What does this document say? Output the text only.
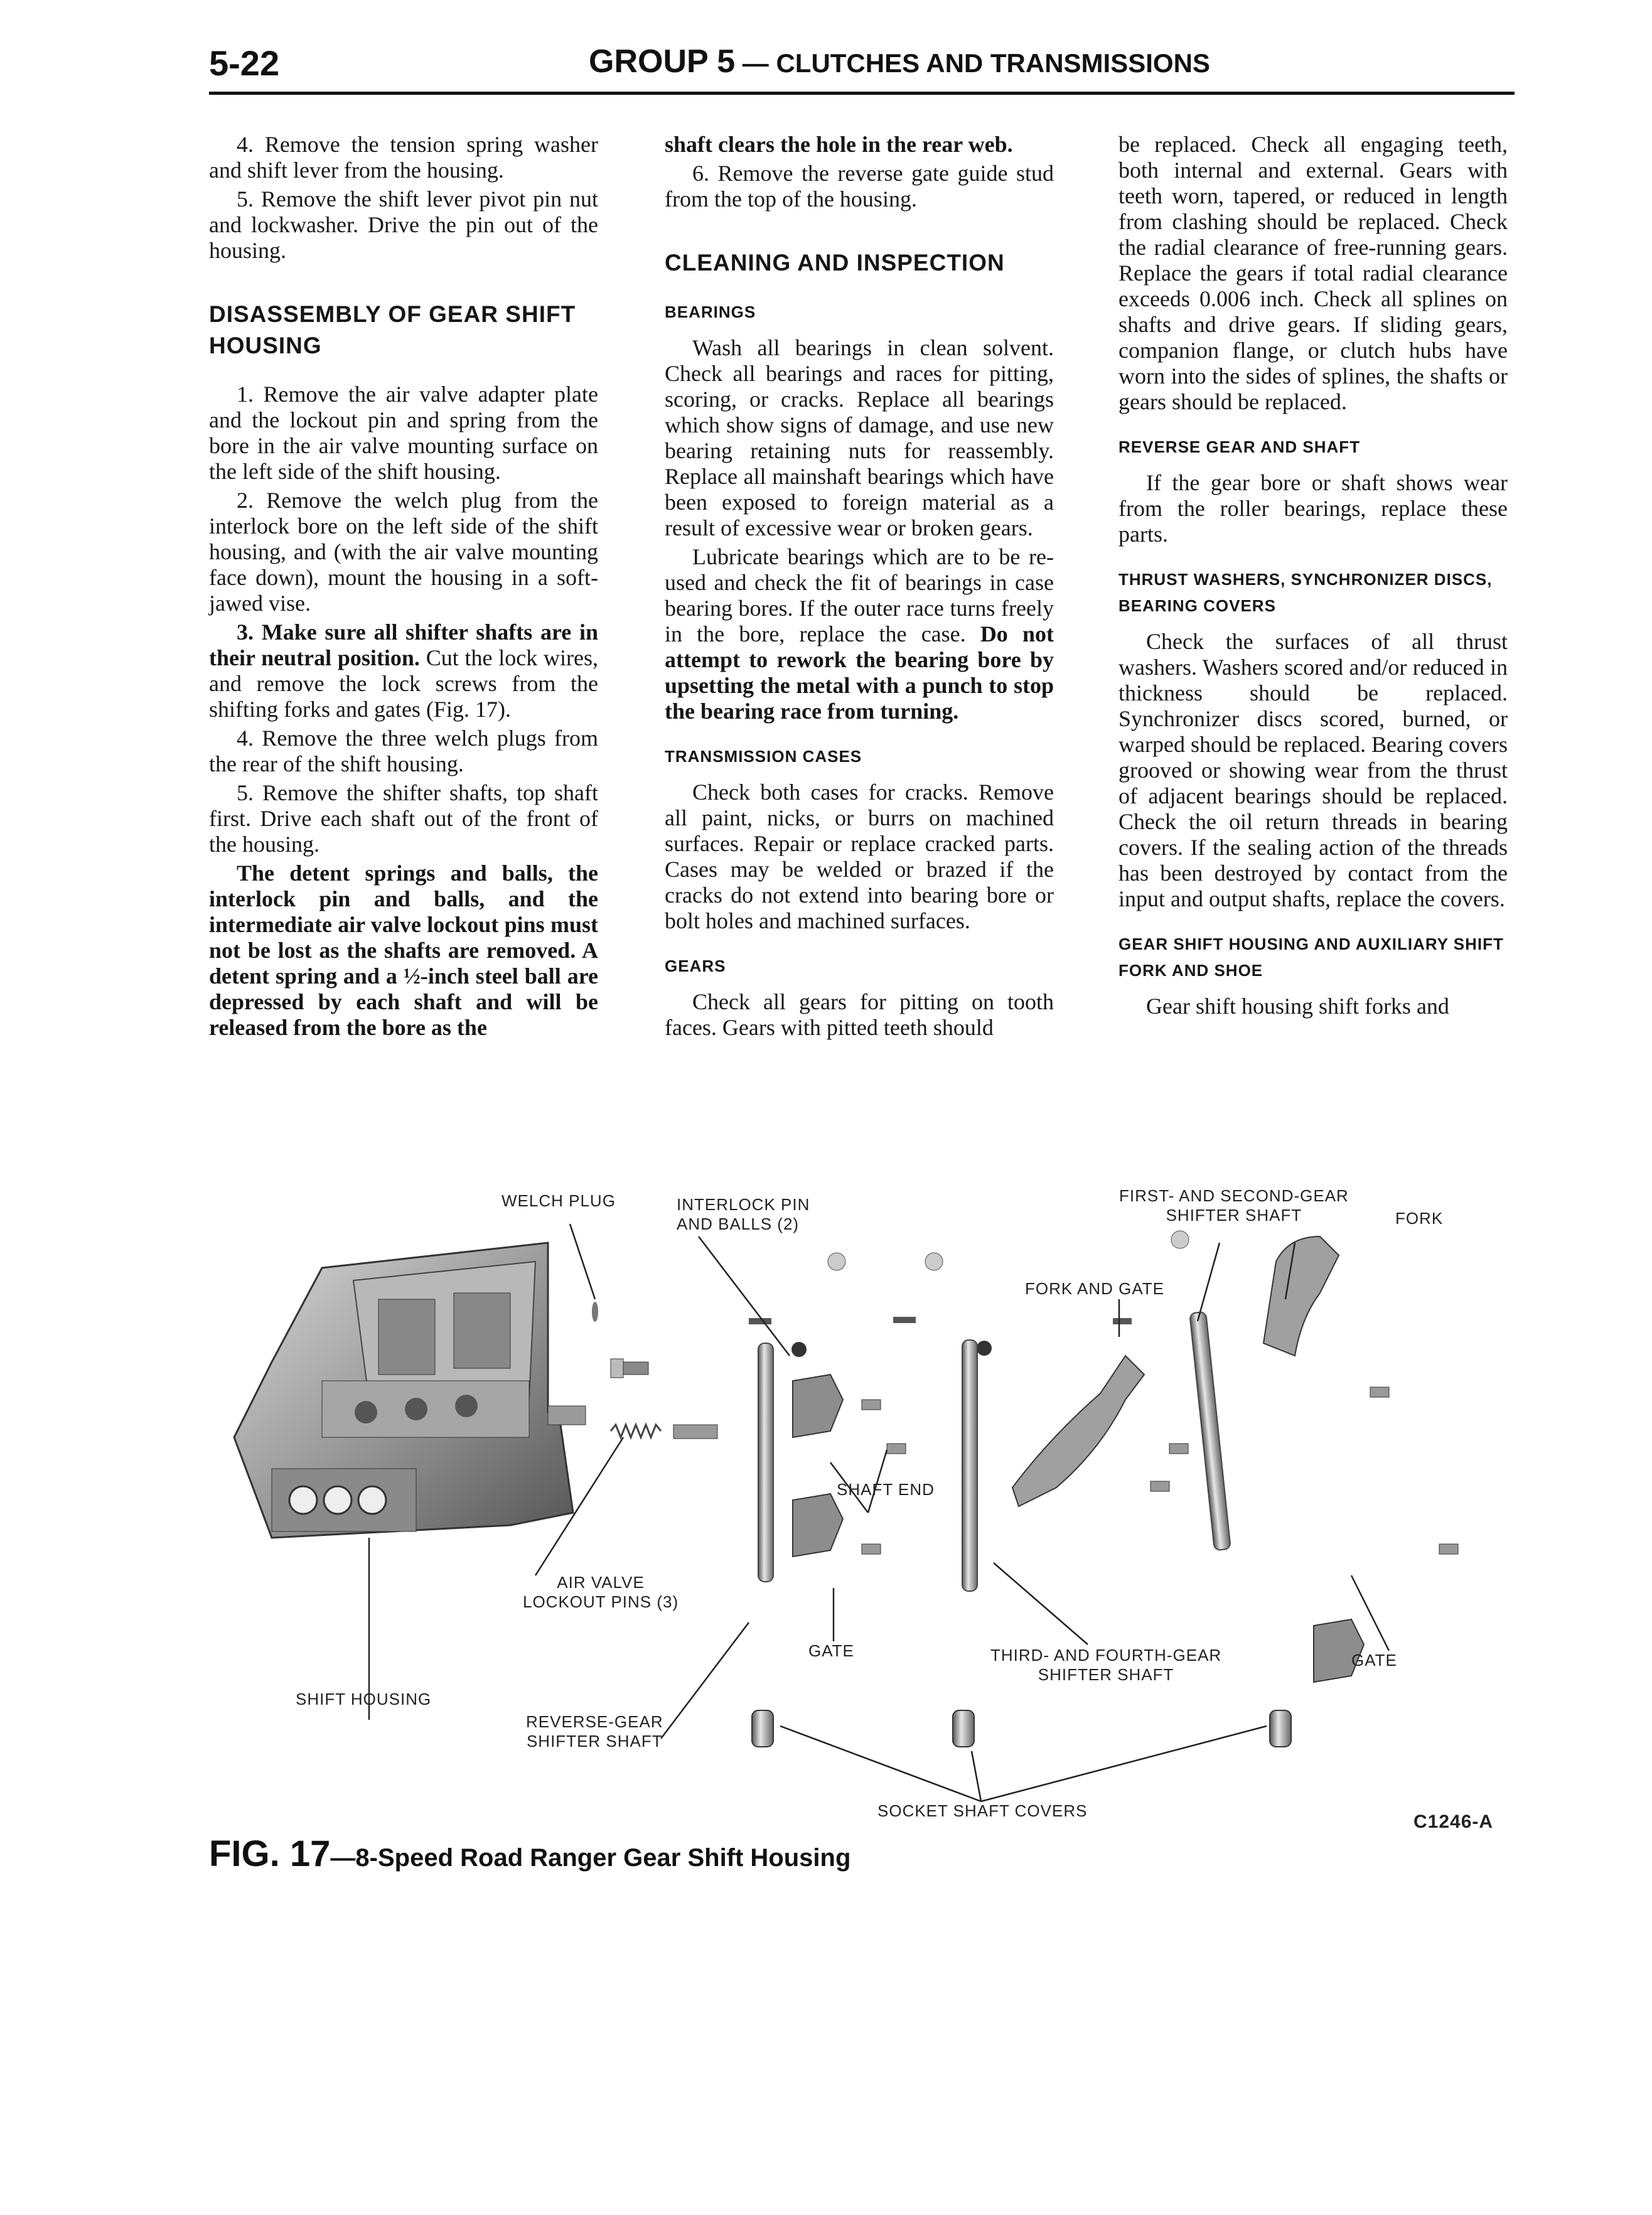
5-22	GROUP 5 — CLUTCHES AND TRANSMISSIONS

4. Remove the tension spring washer and shift lever from the housing.

5. Remove the shift lever pivot pin nut and lockwasher. Drive the pin out of the housing.

DISASSEMBLY OF GEAR SHIFT HOUSING

1. Remove the air valve adapter plate and the lockout pin and spring from the bore in the air valve mounting surface on the left side of the shift housing.

2. Remove the welch plug from the interlock bore on the left side of the shift housing, and (with the air valve mounting face down), mount the housing in a soft-jawed vise.

3. Make sure all shifter shafts are in their neutral position. Cut the lock wires, and remove the lock screws from the shifting forks and gates (Fig. 17).

4. Remove the three welch plugs from the rear of the shift housing.

5. Remove the shifter shafts, top shaft first. Drive each shaft out of the front of the housing.

The detent springs and balls, the interlock pin and balls, and the intermediate air valve lockout pins must not be lost as the shafts are removed. A detent spring and a ½-inch steel ball are depressed by each shaft and will be released from the bore as the

shaft clears the hole in the rear web.

6. Remove the reverse gate guide stud from the top of the housing.

CLEANING AND INSPECTION
BEARINGS

Wash all bearings in clean solvent. Check all bearings and races for pitting, scoring, or cracks. Replace all bearings which show signs of damage, and use new bearing retaining nuts for reassembly. Replace all mainshaft bearings which have been exposed to foreign material as a result of excessive wear or broken gears.

Lubricate bearings which are to be re-used and check the fit of bearings in case bearing bores. If the outer race turns freely in the bore, replace the case. Do not attempt to rework the bearing bore by upsetting the metal with a punch to stop the bearing race from turning.

TRANSMISSION CASES

Check both cases for cracks. Remove all paint, nicks, or burrs on machined surfaces. Repair or replace cracked parts. Cases may be welded or brazed if the cracks do not extend into bearing bore or bolt holes and machined surfaces.

GEARS

Check all gears for pitting on tooth faces. Gears with pitted teeth should

be replaced. Check all engaging teeth, both internal and external. Gears with teeth worn, tapered, or reduced in length from clashing should be replaced. Check the radial clearance of free-running gears. Replace the gears if total radial clearance exceeds 0.006 inch. Check all splines on shafts and drive gears. If sliding gears, companion flange, or clutch hubs have worn into the sides of splines, the shafts or gears should be replaced.

REVERSE GEAR AND SHAFT

If the gear bore or shaft shows wear from the roller bearings, replace these parts.

THRUST WASHERS, SYNCHRONIZER DISCS, BEARING COVERS

Check the surfaces of all thrust washers. Washers scored and/or reduced in thickness should be replaced. Synchronizer discs scored, burned, or warped should be replaced. Bearing covers grooved or showing wear from the thrust of adjacent bearings should be replaced. Check the oil return threads in bearing covers. If the sealing action of the threads has been destroyed by contact from the input and output shafts, replace the covers.

GEAR SHIFT HOUSING AND AUXILIARY SHIFT FORK AND SHOE

Gear shift housing shift forks and

WELCH PLUG	INTERLOCK PIN
AND BALLS (2)
FIRST- AND SECOND-GEAR
SHIFTER SHAFT	FORK
FORK AND GATE
SHAFT END
AIR VALVE
LOCKOUT PINS (3)
GATE	THIRD- AND FOURTH-GEAR
SHIFTER SHAFT
GATE
SHIFT HOUSING
REVERSE-GEAR
SHIFTER SHAFT
SOCKET SHAFT COVERS
C1246-A
FIG. 17—8-Speed Road Ranger Gear Shift Housing
